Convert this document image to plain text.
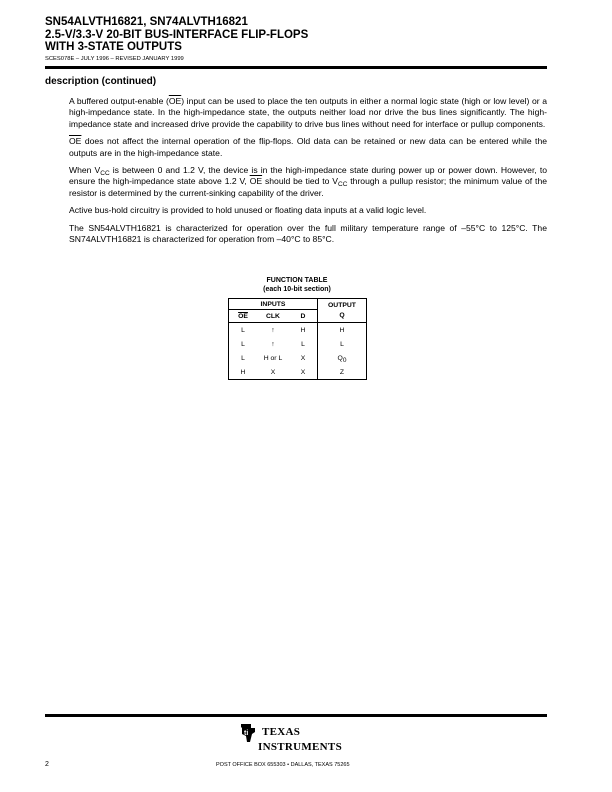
SN54ALVTH16821, SN74ALVTH16821
2.5-V/3.3-V 20-BIT BUS-INTERFACE FLIP-FLOPS
WITH 3-STATE OUTPUTS
SCES078E – JULY 1996 – REVISED JANUARY 1999
description (continued)

A buffered output-enable $(\overline{OE})$ input can be used to place the ten outputs in either a normal logic state (high or low level) or a high-impedance state. In the high-impedance state, the outputs neither load nor drive the bus lines significantly. The high-impedance state and increased drive provide the capability to drive bus lines without need for interface or pullup components.

$\overline{OE}$ does not affect the internal operation of the flip-flops. Old data can be retained or new data can be entered while the outputs are in the high-impedance state.

When $V_{CC}$ is between 0 and 1.2 V, the device is in the high-impedance state during power up or power down. However, to ensure the high-impedance state above 1.2 V, $\overline{OE}$ should be tied to $V_{CC}$ through a pullup resistor; the minimum value of the resistor is determined by the current-sinking capability of the driver.

Active bus-hold circuitry is provided to hold unused or floating data inputs at a valid logic level.

The SN54ALVTH16821 is characterized for operation over the full military temperature range of –55°C to 125°C. The SN74ALVTH16821 is characterized for operation from –40°C to 85°C.

FUNCTION TABLE
(each 10-bit section)
INPUTS			OUTPUT
Q

$\overline{OE}$	CLK	D	
L	↑	H	H
L	↑	L	L
L	H or L	X	$Q_0$
H	X	X	Z
ti TEXAS
INSTRUMENTS
POST OFFICE BOX 655303 • DALLAS, TEXAS 75265
2
